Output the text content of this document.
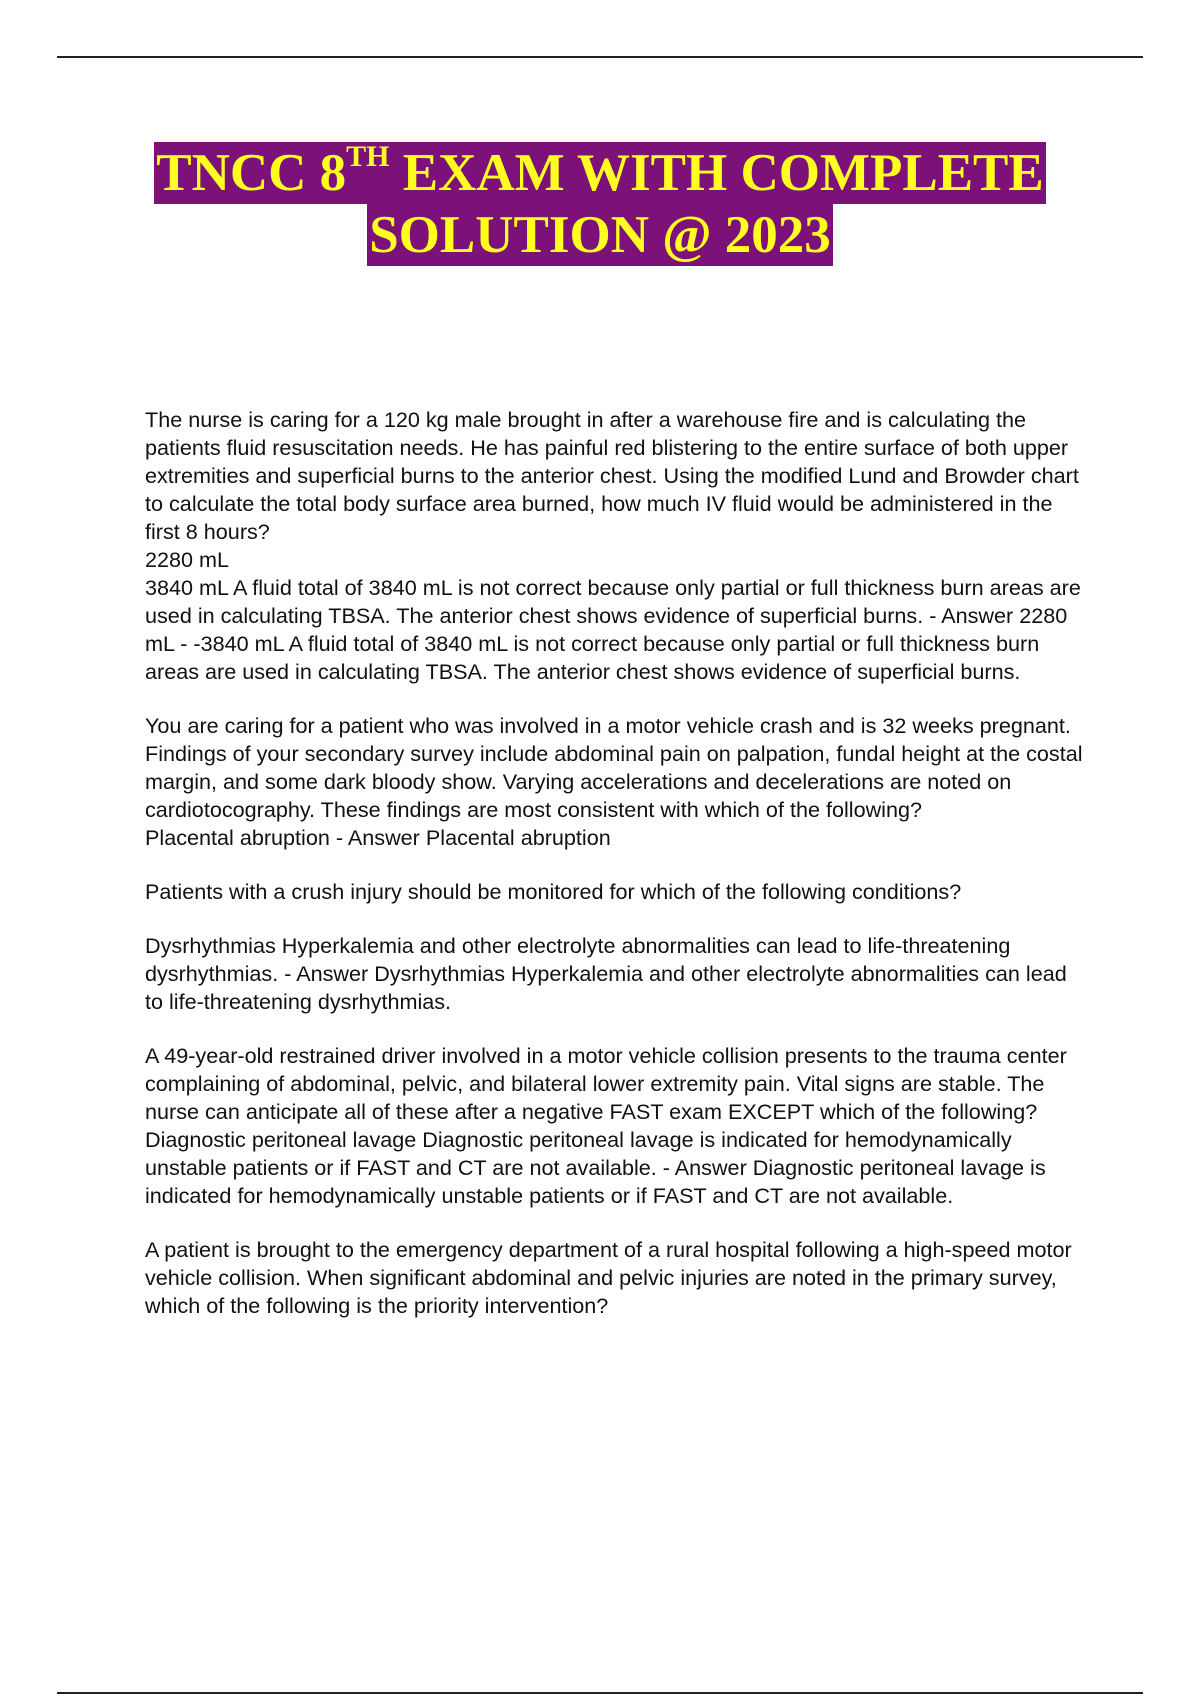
TNCC 8TH EXAM WITH COMPLETE
SOLUTION @ 2023

The nurse is caring for a 120 kg male brought in after a warehouse fire and is calculating the patients fluid resuscitation needs. He has painful red blistering to the entire surface of both upper extremities and superficial burns to the anterior chest. Using the modified Lund and Browder chart to calculate the total body surface area burned, how much IV fluid would be administered in the first 8 hours?

2280 mL

3840 mL A fluid total of 3840 mL is not correct because only partial or full thickness burn areas are used in calculating TBSA. The anterior chest shows evidence of superficial burns. - Answer 2280 mL - -3840 mL A fluid total of 3840 mL is not correct because only partial or full thickness burn areas are used in calculating TBSA. The anterior chest shows evidence of superficial burns.

You are caring for a patient who was involved in a motor vehicle crash and is 32 weeks pregnant. Findings of your secondary survey include abdominal pain on palpation, fundal height at the costal margin, and some dark bloody show. Varying accelerations and decelerations are noted on cardiotocography. These findings are most consistent with which of the following?

Placental abruption - Answer Placental abruption

Patients with a crush injury should be monitored for which of the following conditions?

Dysrhythmias Hyperkalemia and other electrolyte abnormalities can lead to life-threatening dysrhythmias. - Answer Dysrhythmias Hyperkalemia and other electrolyte abnormalities can lead to life-threatening dysrhythmias.

A 49-year-old restrained driver involved in a motor vehicle collision presents to the trauma center complaining of abdominal, pelvic, and bilateral lower extremity pain. Vital signs are stable. The nurse can anticipate all of these after a negative FAST exam EXCEPT which of the following?

Diagnostic peritoneal lavage Diagnostic peritoneal lavage is indicated for hemodynamically unstable patients or if FAST and CT are not available. - Answer Diagnostic peritoneal lavage is indicated for hemodynamically unstable patients or if FAST and CT are not available.

A patient is brought to the emergency department of a rural hospital following a high-speed motor vehicle collision. When significant abdominal and pelvic injuries are noted in the primary survey, which of the following is the priority intervention?
